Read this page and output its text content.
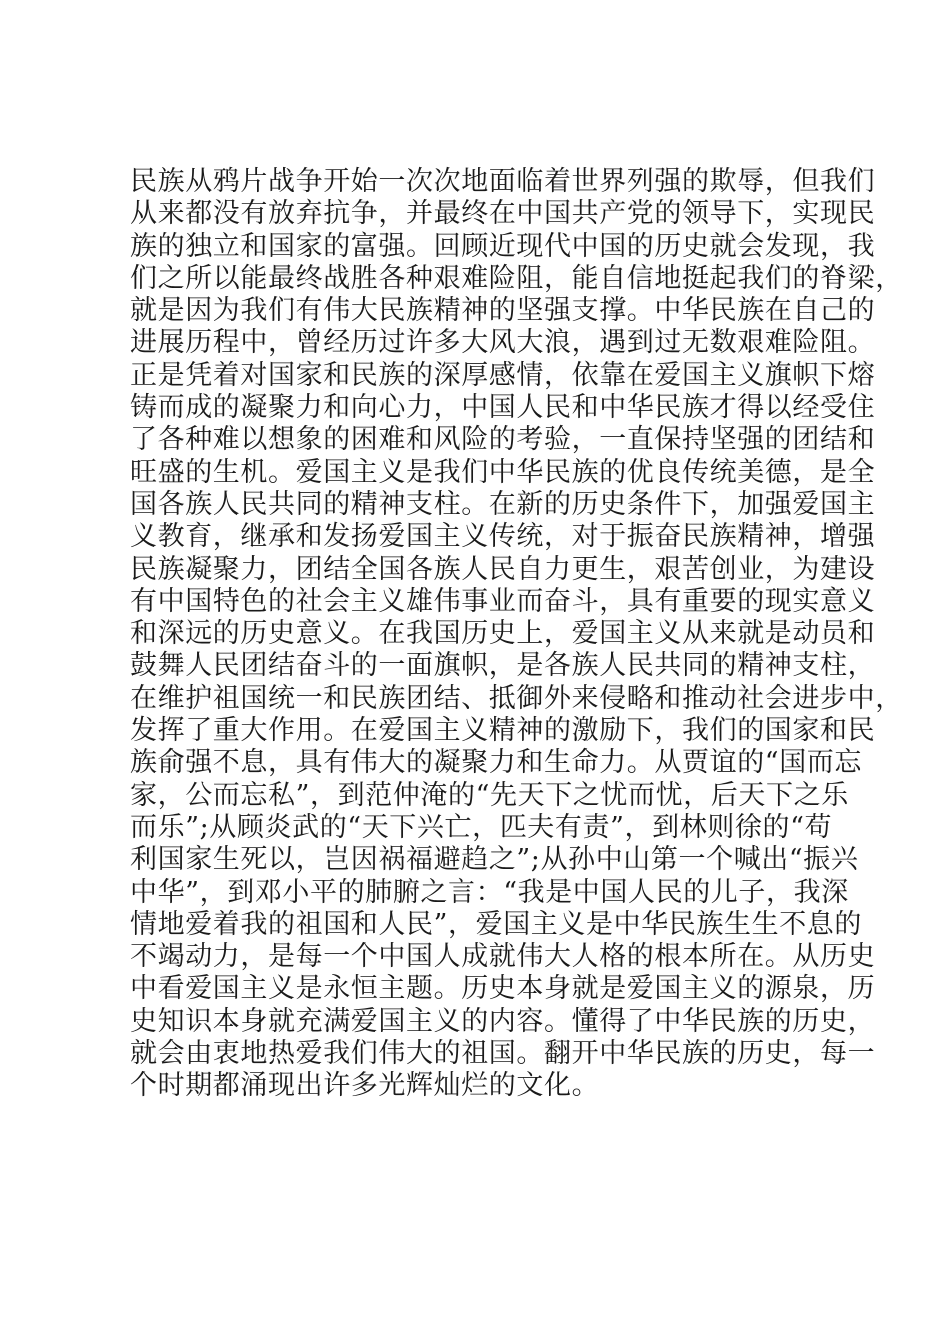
民族从鸦片战争开始一次次地面临着世界列强的欺辱，但我们
从来都没有放弃抗争，并最终在中国共产党的领导下，实现民
族的独立和国家的富强。回顾近现代中国的历史就会发现，我
们之所以能最终战胜各种艰难险阻，能自信地挺起我们的脊梁，
就是因为我们有伟大民族精神的坚强支撑。中华民族在自己的
进展历程中，曾经历过许多大风大浪，遇到过无数艰难险阻。
正是凭着对国家和民族的深厚感情，依靠在爱国主义旗帜下熔
铸而成的凝聚力和向心力，中国人民和中华民族才得以经受住
了各种难以想象的困难和风险的考验，一直保持坚强的团结和
旺盛的生机。爱国主义是我们中华民族的优良传统美德，是全
国各族人民共同的精神支柱。在新的历史条件下，加强爱国主
义教育，继承和发扬爱国主义传统，对于振奋民族精神，增强
民族凝聚力，团结全国各族人民自力更生，艰苦创业，为建设
有中国特色的社会主义雄伟事业而奋斗，具有重要的现实意义
和深远的历史意义。在我国历史上，爱国主义从来就是动员和
鼓舞人民团结奋斗的一面旗帜，是各族人民共同的精神支柱，
在维护祖国统一和民族团结、抵御外来侵略和推动社会进步中，
发挥了重大作用。在爱国主义精神的激励下，我们的国家和民
族俞强不息，具有伟大的凝聚力和生命力。从贾谊的“国而忘
家，公而忘私”，到范仲淹的“先天下之忧而忧，后天下之乐
而乐”;从顾炎武的“天下兴亡，匹夫有责”，到林则徐的“苟
利国家生死以，岂因祸福避趋之”;从孙中山第一个喊出“振兴
中华”，到邓小平的肺腑之言：“我是中国人民的儿子，我深
情地爱着我的祖国和人民”，爱国主义是中华民族生生不息的
不竭动力，是每一个中国人成就伟大人格的根本所在。从历史
中看爱国主义是永恒主题。历史本身就是爱国主义的源泉，历
史知识本身就充满爱国主义的内容。懂得了中华民族的历史，
就会由衷地热爱我们伟大的祖国。翻开中华民族的历史，每一
个时期都涌现出许多光辉灿烂的文化。
